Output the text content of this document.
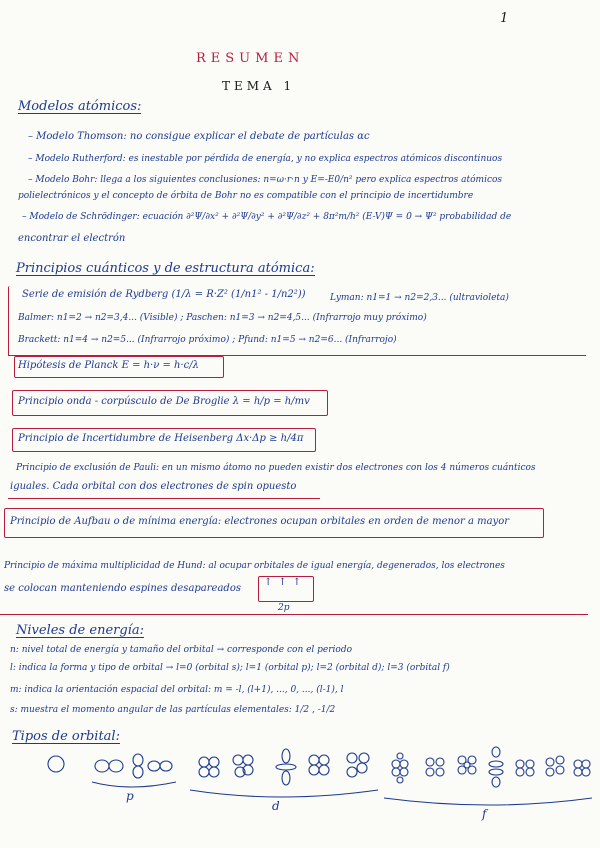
1
RESUMEN
TEMA 1
Modelos atómicos:
– Modelo Thomson: no consigue explicar el debate de partículas αc
– Modelo Rutherford: es inestable por pérdida de energía, y no explica espectros atómicos discontinuos
– Modelo Bohr: llega a los siguientes conclusiones: n=ω·r·n y E=-E0/n² pero explica espectros atómicos
polielectrónicos y el concepto de órbita de Bohr no es compatible con el principio de incertidumbre
– Modelo de Schrödinger: ecuación ∂²Ψ/∂x² + ∂²Ψ/∂y² + ∂²Ψ/∂z² + 8π²m/h² (E-V)Ψ = 0 → Ψ² probabilidad de
encontrar el electrón
Principios cuánticos y de estructura atómica:
Serie de emisión de Rydberg (1/λ = R·Z² (1/n1² - 1/n2²))	Lyman: n1=1 → n2=2,3... (ultravioleta)
Balmer: n1=2 → n2=3,4... (Visible) ; Paschen: n1=3 → n2=4,5... (Infrarrojo muy próximo)
Brackett: n1=4 → n2=5... (Infrarrojo próximo) ; Pfund: n1=5 → n2=6... (Infrarrojo)
Hipótesis de Planck E = h·ν = h·c/λ
Principio onda - corpúsculo de De Broglie λ = h/p = h/mv
Principio de Incertidumbre de Heisenberg Δx·Δp ≥ h/4π
Principio de exclusión de Pauli: en un mismo átomo no pueden existir dos electrones con los 4 números cuánticos
iguales. Cada orbital con dos electrones de spin opuesto
Principio de Aufbau o de mínima energía: electrones ocupan orbitales en orden de menor a mayor
Principio de máxima multiplicidad de Hund: al ocupar orbitales de igual energía, degenerados, los electrones
se colocan manteniendo espines desapareados
↑↑↑
2p
Niveles de energía:
n: nivel total de energía y tamaño del orbital → corresponde con el periodo
l: indica la forma y tipo de orbital → l=0 (orbital s); l=1 (orbital p); l=2 (orbital d); l=3 (orbital f)
m: indica la orientación espacial del orbital: m = -l, (l+1), ..., 0, ..., (l-1), l
s: muestra el momento angular de las partículas elementales: 1/2 , -1/2
Tipos de orbital:
p
d
f
